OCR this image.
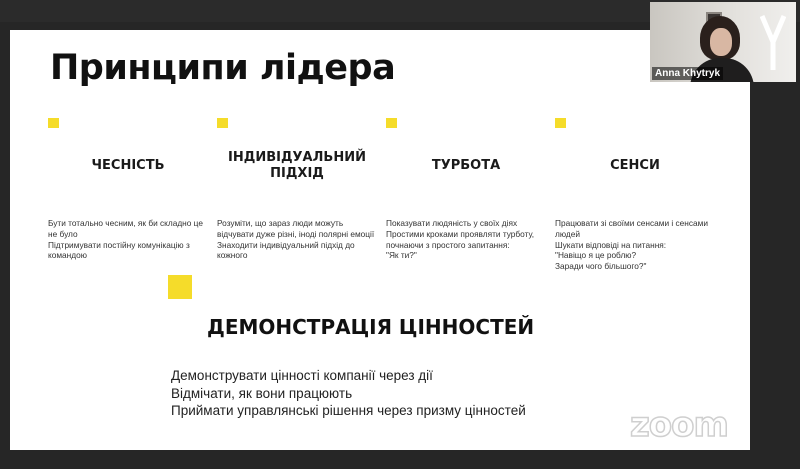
Принципи лідера
ЧЕСНІСТЬ
Бути тотально чесним, як би складно це не було
Підтримувати постійну комунікацію з командою
ІНДИВІДУАЛЬНИЙ ПІДХІД
Розуміти, що зараз люди можуть відчувати дуже різні, іноді полярні емоції
Знаходити індивідуальний підхід до кожного
ТУРБОТА
Показувати людяність у своїх діях
Простими кроками проявляти турботу, почнаючи з простого запитання:
"Як ти?"
СЕНСИ
Працювати зі своїми сенсами і сенсами людей
Шукати відповіді на питання:
"Навіщо я це роблю?
Заради чого більшого?"
ДЕМОНСТРАЦІЯ ЦІННОСТЕЙ
Демонструвати цінності компанії через дії
Відмічати, як вони працюють
Приймати управлянські рішення через призму цінностей	zoom
Anna Khytryk
